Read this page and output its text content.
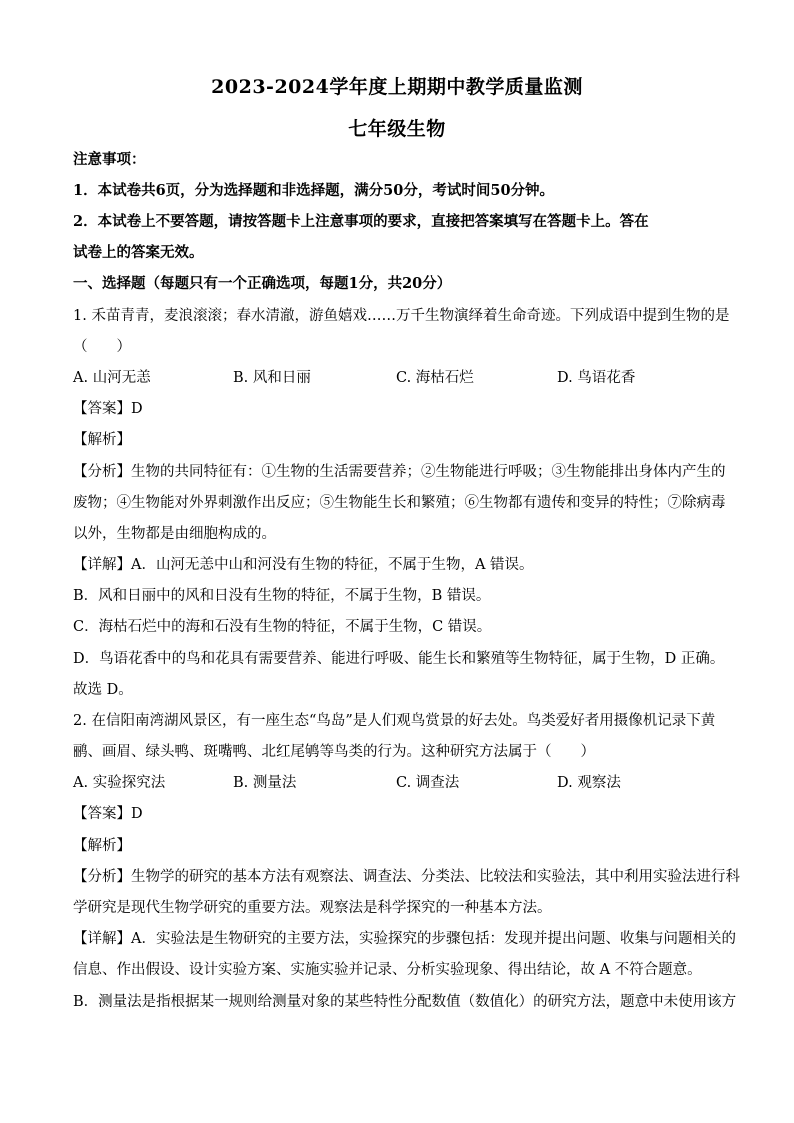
2023-2024学年度上期期中教学质量监测
七年级生物
注意事项：
1．本试卷共6页，分为选择题和非选择题，满分50分，考试时间50分钟。
2．本试卷上不要答题，请按答题卡上注意事项的要求，直接把答案填写在答题卡上。答在
试卷上的答案无效。
一、选择题（每题只有一个正确选项，每题1分，共20分）
1. 禾苗青青，麦浪滚滚；春水清澈，游鱼嬉戏……万千生物演绎着生命奇迹。下列成语中提到生物的是
（　　）
A. 山河无恙	B. 风和日丽	C. 海枯石烂	D. 鸟语花香
【答案】D
【解析】
【分析】生物的共同特征有：①生物的生活需要营养；②生物能进行呼吸；③生物能排出身体内产生的
废物；④生物能对外界刺激作出反应；⑤生物能生长和繁殖；⑥生物都有遗传和变异的特性；⑦除病毒
以外，生物都是由细胞构成的。
【详解】A．山河无恙中山和河没有生物的特征，不属于生物，A 错误。
B．风和日丽中的风和日没有生物的特征，不属于生物，B 错误。
C．海枯石烂中的海和石没有生物的特征，不属于生物，C 错误。
D．鸟语花香中的鸟和花具有需要营养、能进行呼吸、能生长和繁殖等生物特征，属于生物，D 正确。
故选 D。
2. 在信阳南湾湖风景区，有一座生态“鸟岛”是人们观鸟赏景的好去处。鸟类爱好者用摄像机记录下黄
鹂、画眉、绿头鸭、斑嘴鸭、北红尾鸲等鸟类的行为。这种研究方法属于（　　）
A. 实验探究法	B. 测量法	C. 调查法	D. 观察法
【答案】D
【解析】
【分析】生物学的研究的基本方法有观察法、调查法、分类法、比较法和实验法，其中利用实验法进行科
学研究是现代生物学研究的重要方法。观察法是科学探究的一种基本方法。
【详解】A．实验法是生物研究的主要方法，实验探究的步骤包括：发现并提出问题、收集与问题相关的
信息、作出假设、设计实验方案、实施实验并记录、分析实验现象、得出结论，故 A 不符合题意。
B．测量法是指根据某一规则给测量对象的某些特性分配数值（数值化）的研究方法，题意中未使用该方
